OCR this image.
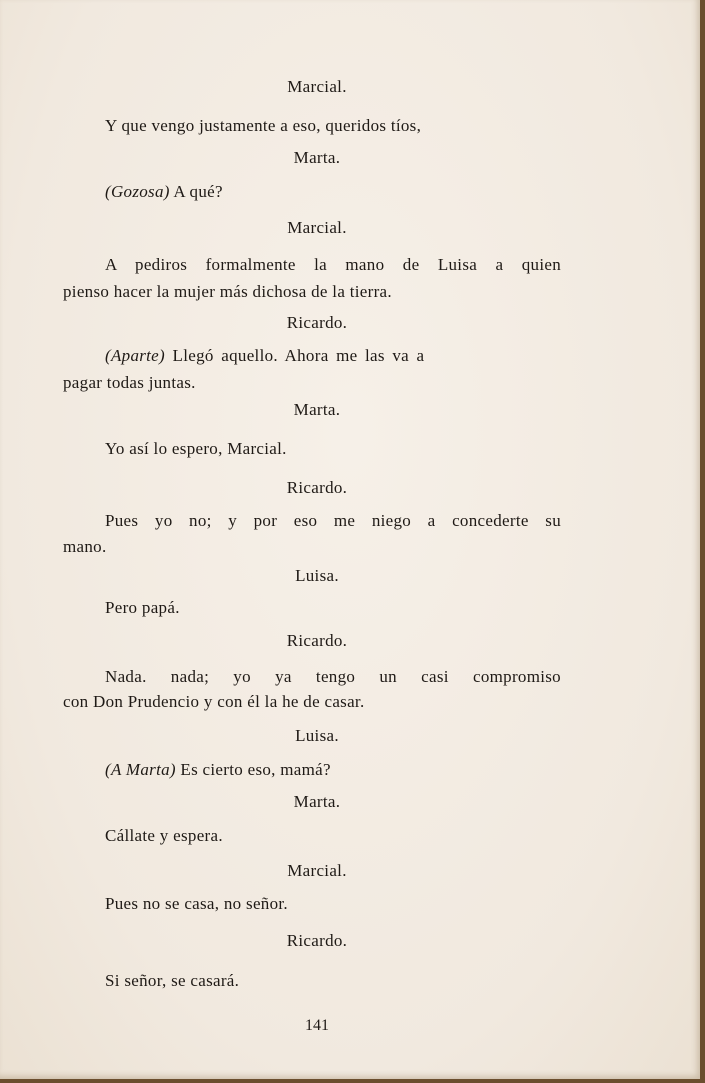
Marcial.
Y que vengo justamente a eso, queridos tíos,
Marta.
(Gozosa) A qué?
Marcial.
A pediros formalmente la mano de Luisa a quien
pienso hacer la mujer más dichosa de la tierra.
Ricardo.
(Aparte) Llegó aquello. Ahora me las va a
pagar todas juntas.
Marta.
Yo así lo espero, Marcial.
Ricardo.
Pues yo no; y por eso me niego a concederte su
mano.
Luisa.
Pero papá.
Ricardo.
Nada. nada; yo ya tengo un casi compromiso
con Don Prudencio y con él la he de casar.
Luisa.
(A Marta) Es cierto eso, mamá?
Marta.
Cállate y espera.
Marcial.
Pues no se casa, no señor.
Ricardo.
Si señor, se casará.
141
